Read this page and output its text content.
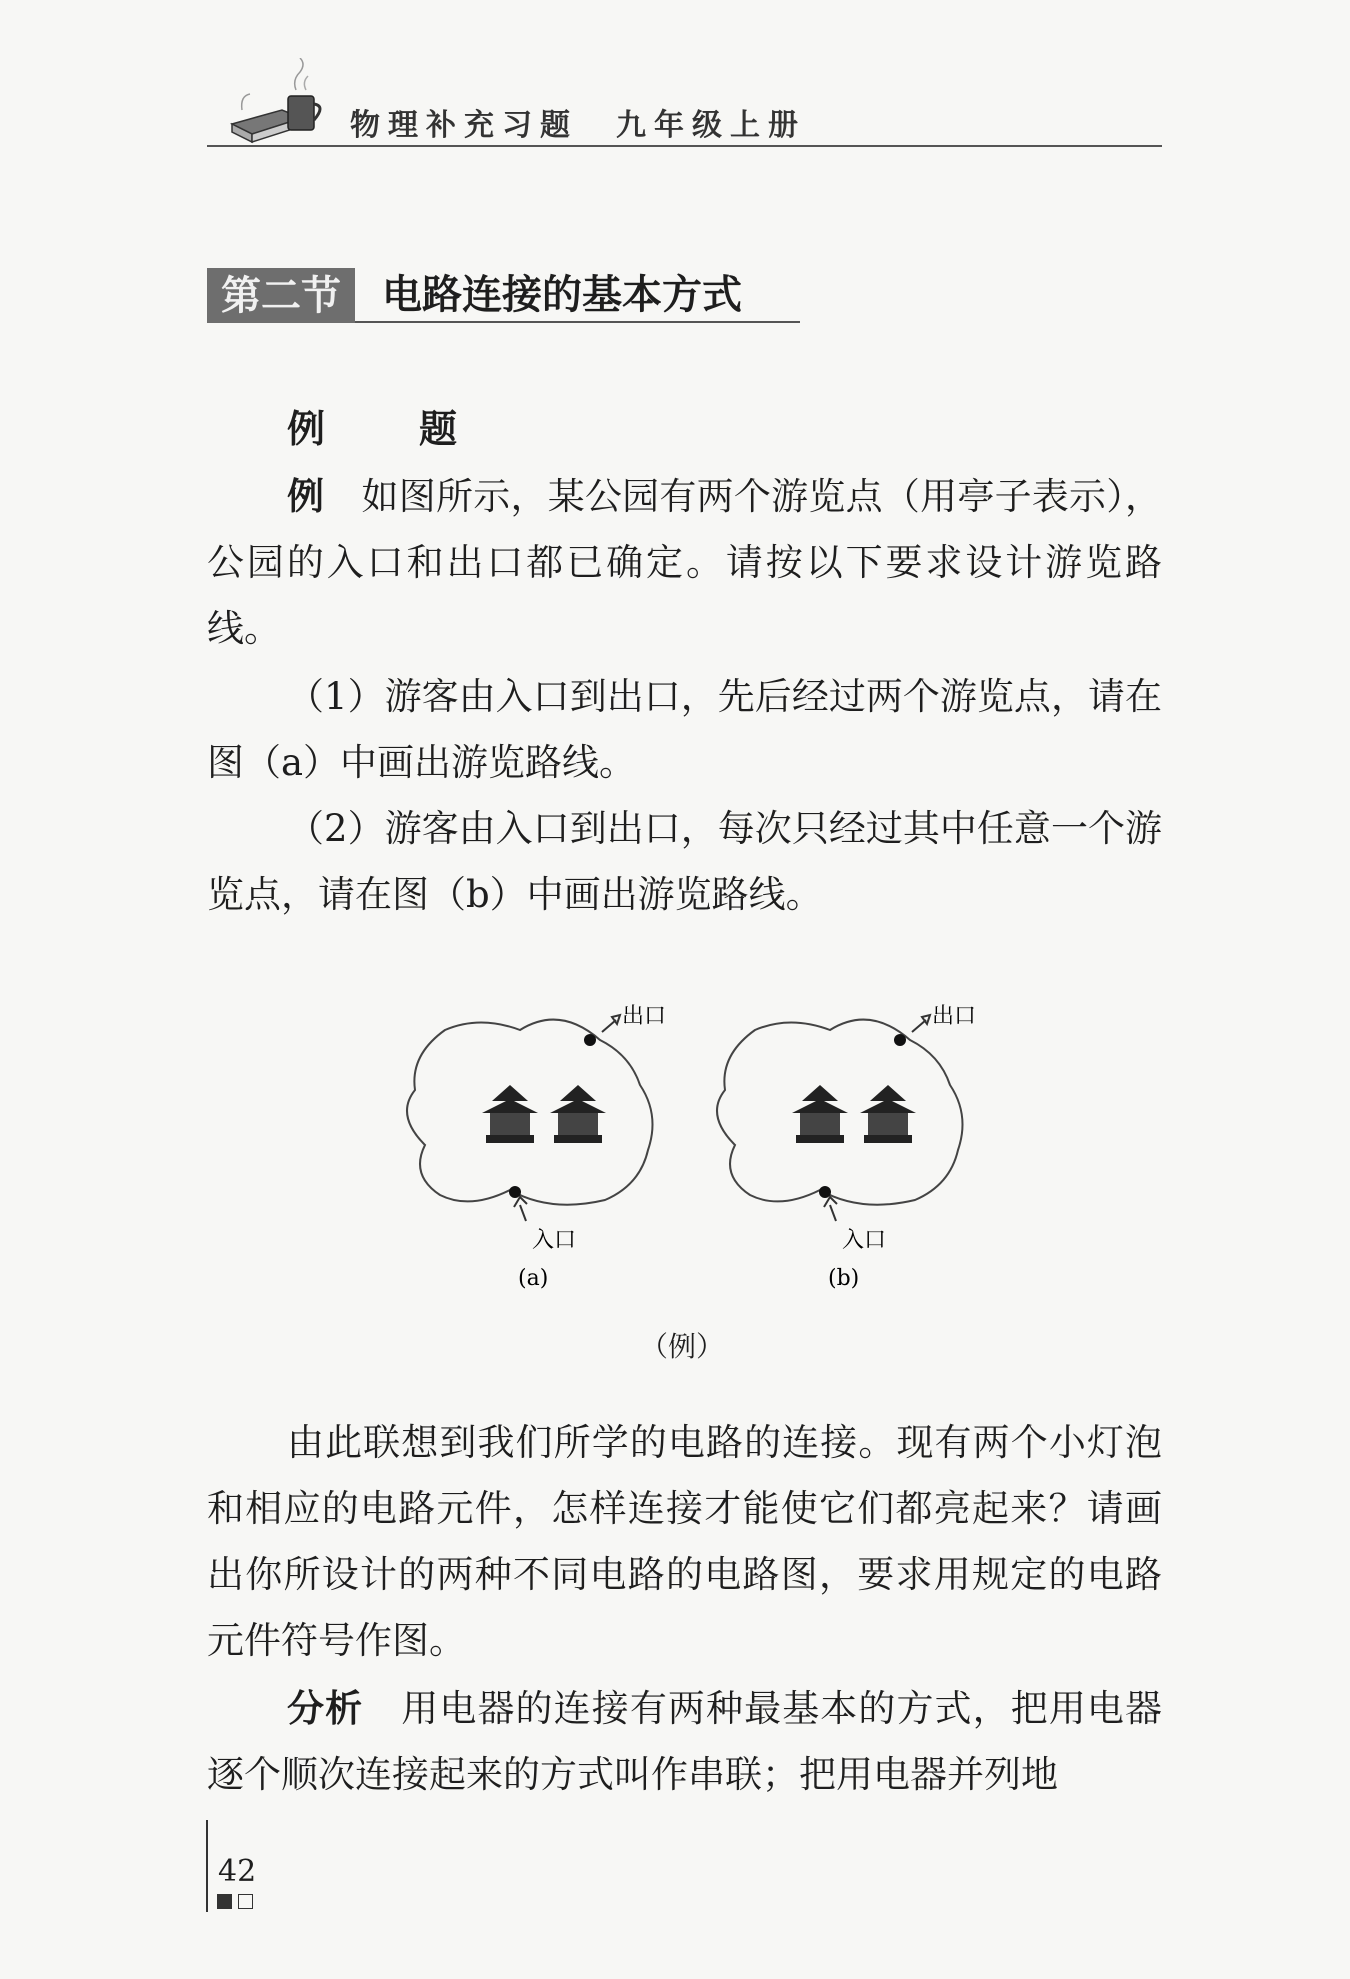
物理补充习题　九年级上册
第二节	电路连接的基本方式
例　题
例　 如图所示，某公园有两个游览点（用亭子表示），公园的入口和出口都已确定。请按以下要求设计游览路线。
（1）游客由入口到出口，先后经过两个游览点，请在图（a）中画出游览路线。
（2）游客由入口到出口，每次只经过其中任意一个游览点，请在图（b）中画出游览路线。
出口
入口
(a)
出口
入口
(b)
（例）
由此联想到我们所学的电路的连接。现有两个小灯泡和相应的电路元件，怎样连接才能使它们都亮起来？请画出你所设计的两种不同电路的电路图，要求用规定的电路元件符号作图。
分析　 用电器的连接有两种最基本的方式，把用电器逐个顺次连接起来的方式叫作串联；把用电器并列地
42
